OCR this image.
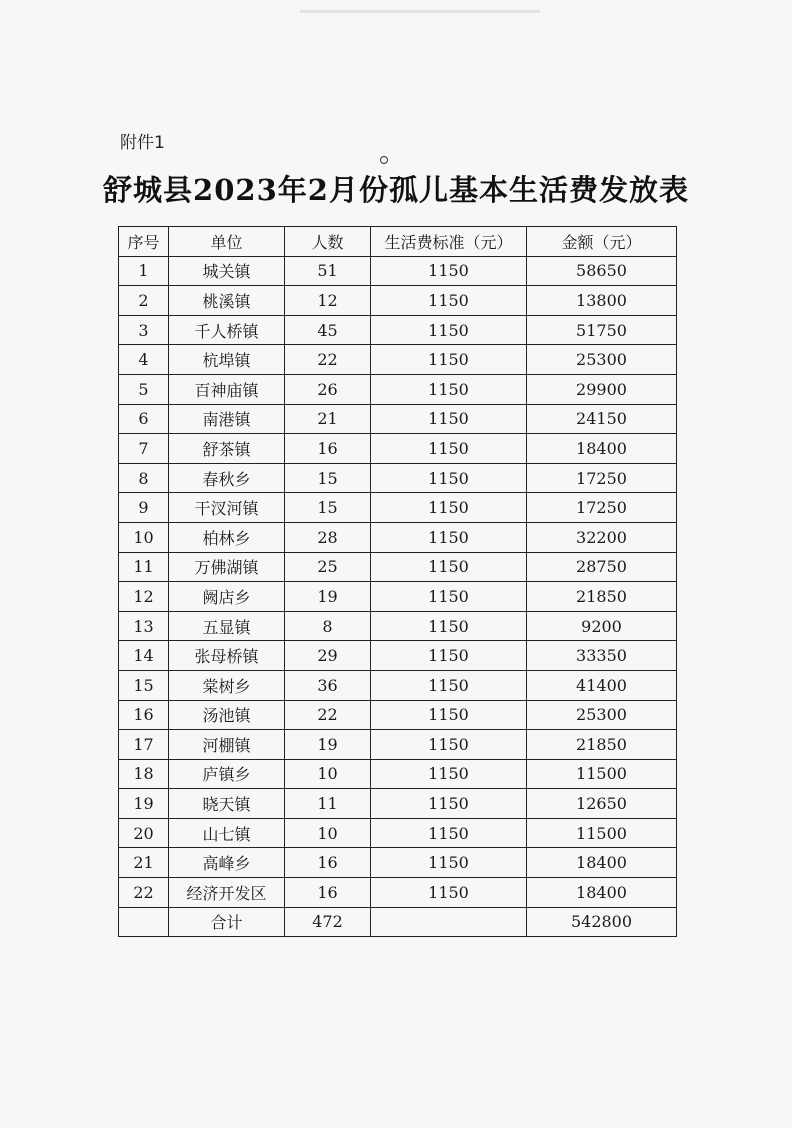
附件1
舒城县2023年2月份孤儿基本生活费发放表
序号	单位	人数	生活费标准（元）	金额（元）
1	城关镇	51	1150	58650
2	桃溪镇	12	1150	13800
3	千人桥镇	45	1150	51750
4	杭埠镇	22	1150	25300
5	百神庙镇	26	1150	29900
6	南港镇	21	1150	24150
7	舒茶镇	16	1150	18400
8	春秋乡	15	1150	17250
9	干汊河镇	15	1150	17250
10	柏林乡	28	1150	32200
11	万佛湖镇	25	1150	28750
12	阙店乡	19	1150	21850
13	五显镇	8	1150	9200
14	张母桥镇	29	1150	33350
15	棠树乡	36	1150	41400
16	汤池镇	22	1150	25300
17	河棚镇	19	1150	21850
18	庐镇乡	10	1150	11500
19	晓天镇	11	1150	12650
20	山七镇	10	1150	11500
21	高峰乡	16	1150	18400
22	经济开发区	16	1150	18400
	合计	472		542800
